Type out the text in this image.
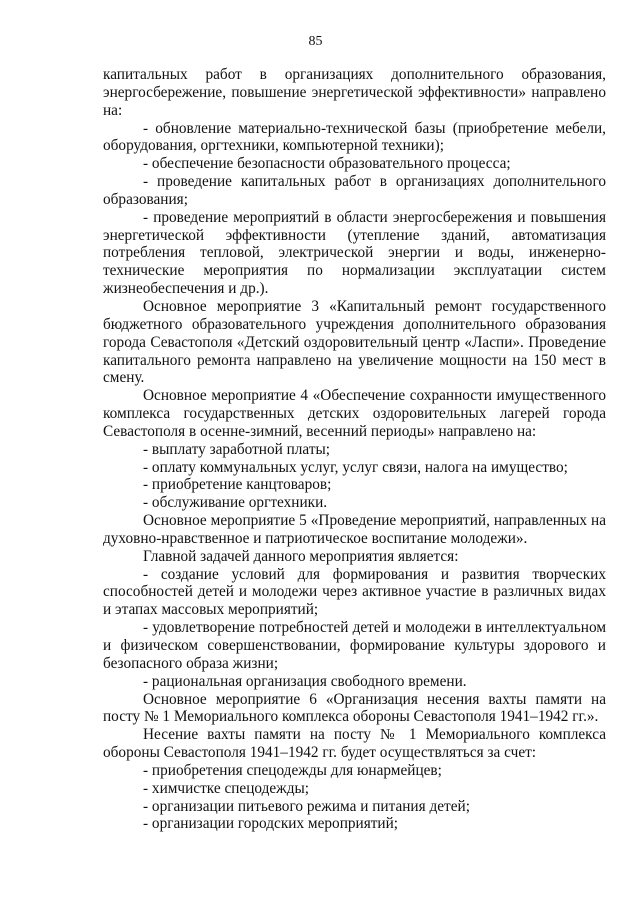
85

капитальных работ в организациях дополнительного образования, энергосбережение, повышение энергетической эффективности» направлено на:

- обновление материально-технической базы (приобретение мебели, оборудования, оргтехники, компьютерной техники);

- обеспечение безопасности образовательного процесса;

- проведение капитальных работ в организациях дополнительного образования;

- проведение мероприятий в области энергосбережения и повышения энергетической эффективности (утепление зданий, автоматизация потребления тепловой, электрической энергии и воды, инженерно-технические мероприятия по нормализации эксплуатации систем жизнеобеспечения и др.).

Основное мероприятие 3 «Капитальный ремонт государственного бюджетного образовательного учреждения дополнительного образования города Севастополя «Детский оздоровительный центр «Ласпи». Проведение капитального ремонта направлено на увеличение мощности на 150 мест в смену.

Основное мероприятие 4 «Обеспечение сохранности имущественного комплекса государственных детских оздоровительных лагерей города Севастополя в осенне-зимний, весенний периоды» направлено на:

- выплату заработной платы;

- оплату коммунальных услуг, услуг связи, налога на имущество;

- приобретение канцтоваров;

- обслуживание оргтехники.

Основное мероприятие 5 «Проведение мероприятий, направленных на духовно-нравственное и патриотическое воспитание молодежи».

Главной задачей данного мероприятия является:

- создание условий для формирования и развития творческих способностей детей и молодежи через активное участие в различных видах и этапах массовых мероприятий;

- удовлетворение потребностей детей и молодежи в интеллектуальном и физическом совершенствовании, формирование культуры здорового и безопасного образа жизни;

- рациональная организация свободного времени.

Основное мероприятие 6 «Организация несения вахты памяти на посту № 1 Мемориального комплекса обороны Севастополя 1941–1942 гг.».

Несение вахты памяти на посту № 1 Мемориального комплекса обороны Севастополя 1941–1942 гг. будет осуществляться за счет:

- приобретения спецодежды для юнармейцев;

- химчистке спецодежды;

- организации питьевого режима и питания детей;

- организации городских мероприятий;
